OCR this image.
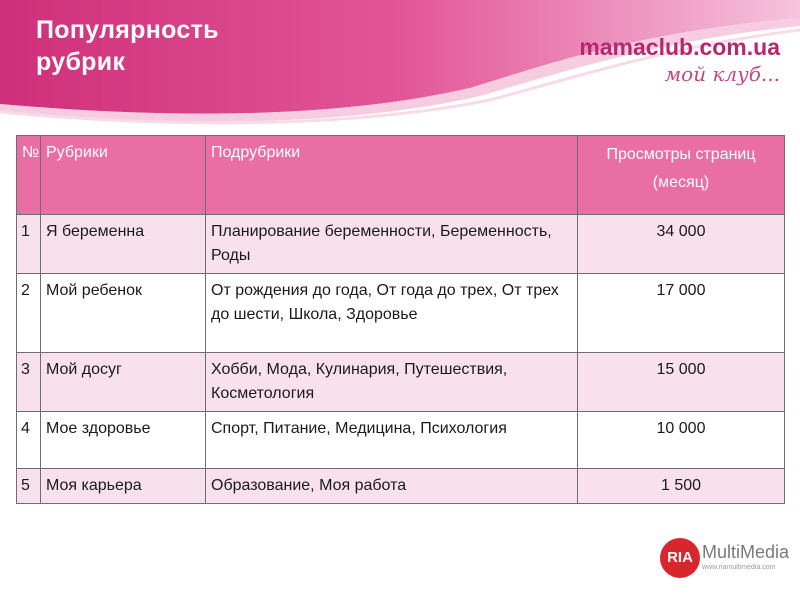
Популярность
рубрик
mamaclub.com.ua
мой клуб...
№	Рубрики	Подрубрики	Просмотры страниц
(месяц)
1	Я беременна	Планирование беременности, Беременность, Роды	34 000
2	Мой ребенок	От рождения до года, От года до трех, От трех до шести, Школа, Здоровье	17 000
3	Мой досуг	Хобби, Мода, Кулинария, Путешествия, Косметология	15 000
4	Мое здоровье	Спорт, Питание, Медицина, Психология	10 000
5	Моя карьера	Образование, Моя работа	1 500
RIA MultiMedia
www.riamultimedia.com
